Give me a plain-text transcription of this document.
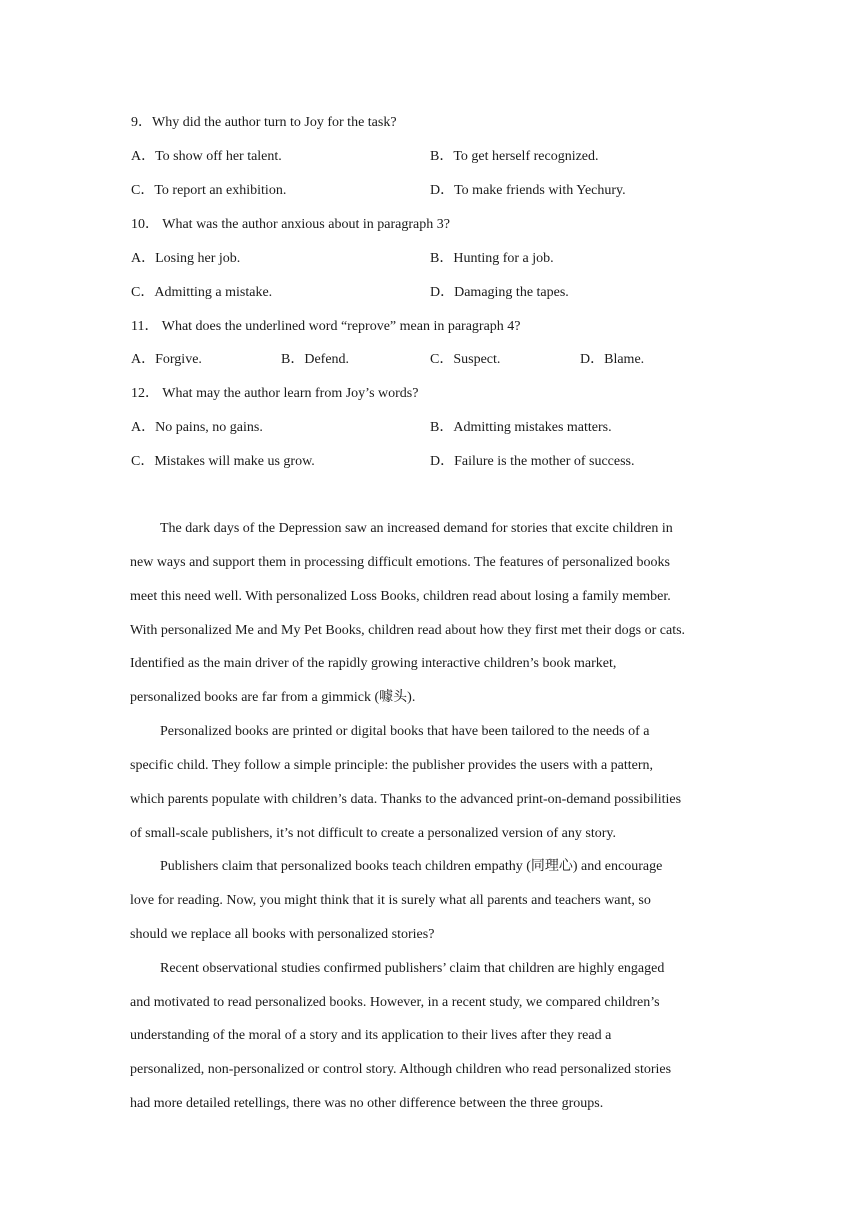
9．Why did the author turn to Joy for the task?
A．To show off her talent.	B．To get herself recognized.
C．To report an exhibition.	D．To make friends with Yechury.
10． What was the author anxious about in paragraph 3?
A．Losing her job.	B．Hunting for a job.
C．Admitting a mistake.	D．Damaging the tapes.
11． What does the underlined word “reprove” mean in paragraph 4?
A．Forgive.	B．Defend.	C．Suspect.	D．Blame.
12． What may the author learn from Joy’s words?
A．No pains, no gains.	B．Admitting mistakes matters.
C．Mistakes will make us grow.	D．Failure is the mother of success.
The dark days of the Depression saw an increased demand for stories that excite children in
new ways and support them in processing difficult emotions. The features of personalized books
meet this need well. With personalized Loss Books, children read about losing a family member.
With personalized Me and My Pet Books, children read about how they first met their dogs or cats.
Identified as the main driver of the rapidly growing interactive children’s book market,
personalized books are far from a gimmick (噱头).
Personalized books are printed or digital books that have been tailored to the needs of a
specific child. They follow a simple principle: the publisher provides the users with a pattern,
which parents populate with children’s data. Thanks to the advanced print-on-demand possibilities
of small-scale publishers, it’s not difficult to create a personalized version of any story.
Publishers claim that personalized books teach children empathy (同理心) and encourage
love for reading. Now, you might think that it is surely what all parents and teachers want, so
should we replace all books with personalized stories?
Recent observational studies confirmed publishers’ claim that children are highly engaged
and motivated to read personalized books. However, in a recent study, we compared children’s
understanding of the moral of a story and its application to their lives after they read a
personalized, non-personalized or control story. Although children who read personalized stories
had more detailed retellings, there was no other difference between the three groups.
